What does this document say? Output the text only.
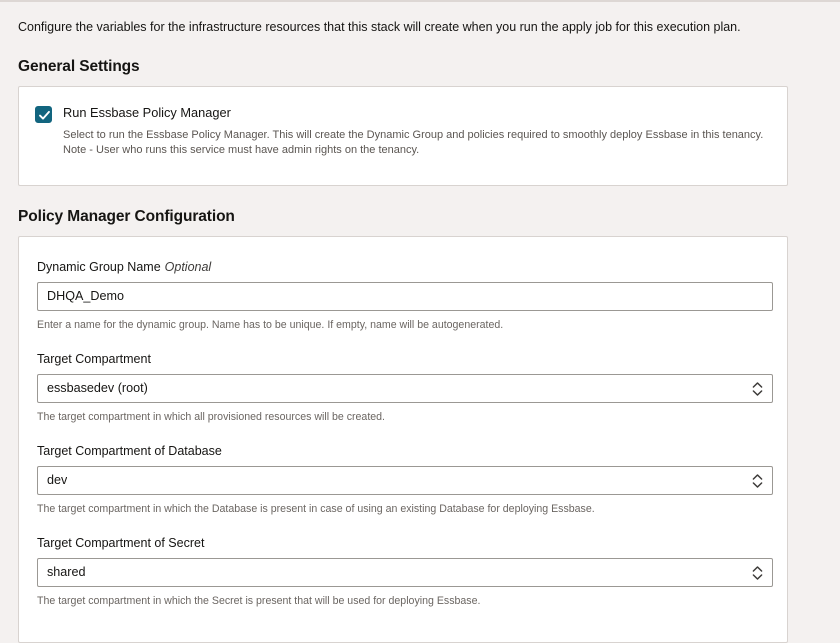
Configure the variables for the infrastructure resources that this stack will create when you run the apply job for this execution plan.

General Settings
Run Essbase Policy Manager
Select to run the Essbase Policy Manager. This will create the Dynamic Group and policies required to smoothly deploy Essbase in this tenancy. Note - User who runs this service must have admin rights on the tenancy.
Policy Manager Configuration
Dynamic Group Name Optional
DHQA_Demo
Enter a name for the dynamic group. Name has to be unique. If empty, name will be autogenerated.
Target Compartment
essbasedev (root)
The target compartment in which all provisioned resources will be created.
Target Compartment of Database
dev
The target compartment in which the Database is present in case of using an existing Database for deploying Essbase.
Target Compartment of Secret
shared
The target compartment in which the Secret is present that will be used for deploying Essbase.
